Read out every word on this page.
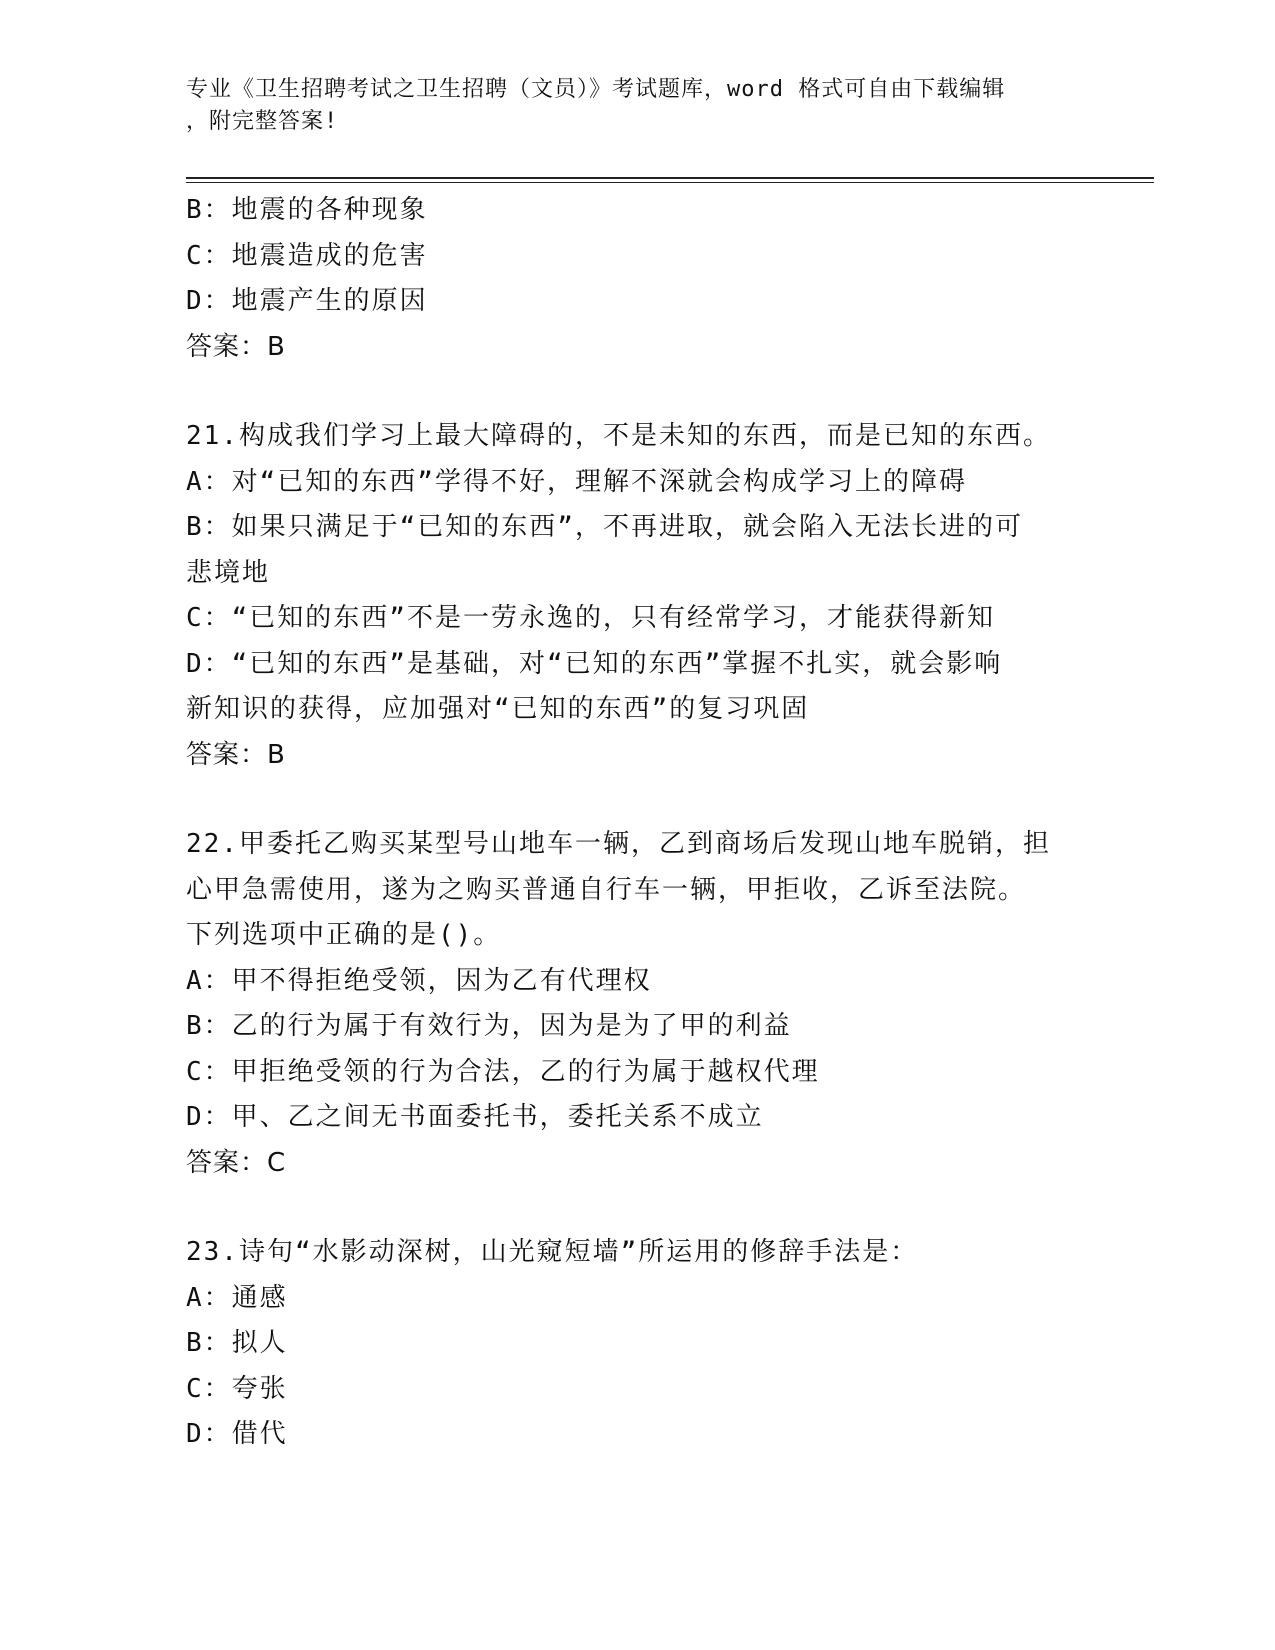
专业《卫生招聘考试之卫生招聘（文员）》考试题库，word 格式可自由下载编辑
，附完整答案!
B：地震的各种现象
C：地震造成的危害
D：地震产生的原因
答案：B
21.构成我们学习上最大障碍的，不是未知的东西，而是已知的东西。
A：对“已知的东西”学得不好，理解不深就会构成学习上的障碍
B：如果只满足于“已知的东西”，不再进取，就会陷入无法长进的可
悲境地
C：“已知的东西”不是一劳永逸的，只有经常学习，才能获得新知
D：“已知的东西”是基础，对“已知的东西”掌握不扎实，就会影响
新知识的获得，应加强对“已知的东西”的复习巩固
答案：B
22.甲委托乙购买某型号山地车一辆，乙到商场后发现山地车脱销，担
心甲急需使用，遂为之购买普通自行车一辆，甲拒收，乙诉至法院。
下列选项中正确的是()。
A：甲不得拒绝受领，因为乙有代理权
B：乙的行为属于有效行为，因为是为了甲的利益
C：甲拒绝受领的行为合法，乙的行为属于越权代理
D：甲、乙之间无书面委托书，委托关系不成立
答案：C
23.诗句“水影动深树，山光窥短墙”所运用的修辞手法是：
A：通感
B：拟人
C：夸张
D：借代
